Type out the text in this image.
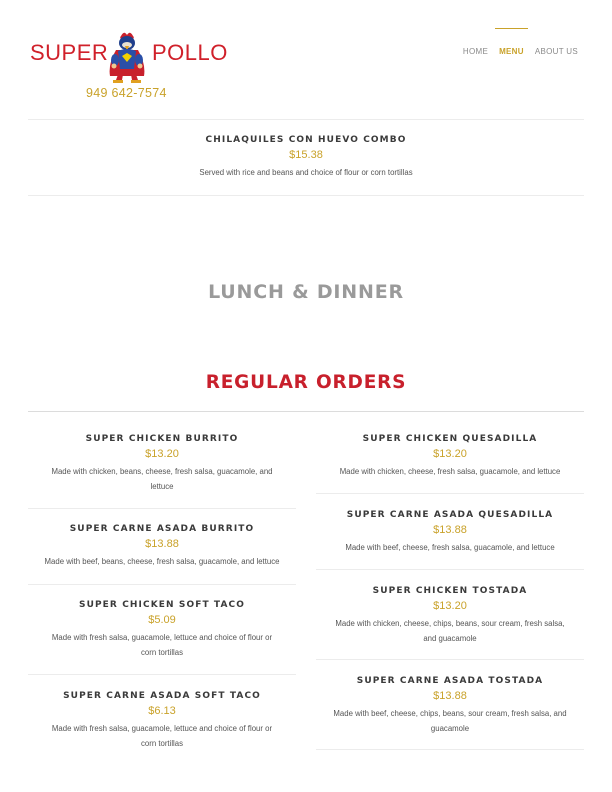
SUPER POLLO
949 642-7574
HOME MENU ABOUT US

CHILAQUILES CON HUEVO COMBO
$15.38
Served with rice and beans and choice of flour or corn tortillas
LUNCH & DINNER
REGULAR ORDERS
SUPER CHICKEN BURRITO
$13.20
Made with chicken, beans, cheese, fresh salsa, guacamole, and
lettuce
SUPER CARNE ASADA BURRITO
$13.88
Made with beef, beans, cheese, fresh salsa, guacamole, and lettuce
SUPER CHICKEN SOFT TACO
$5.09
Made with fresh salsa, guacamole, lettuce and choice of flour or
corn tortillas
SUPER CARNE ASADA SOFT TACO
$6.13
Made with fresh salsa, guacamole, lettuce and choice of flour or
corn tortillas
SUPER CHICKEN QUESADILLA
$13.20
Made with chicken, cheese, fresh salsa, guacamole, and lettuce
SUPER CARNE ASADA QUESADILLA
$13.88
Made with beef, cheese, fresh salsa, guacamole, and lettuce
SUPER CHICKEN TOSTADA
$13.20
Made with chicken, cheese, chips, beans, sour cream, fresh salsa,
and guacamole
SUPER CARNE ASADA TOSTADA
$13.88
Made with beef, cheese, chips, beans, sour cream, fresh salsa, and
guacamole
